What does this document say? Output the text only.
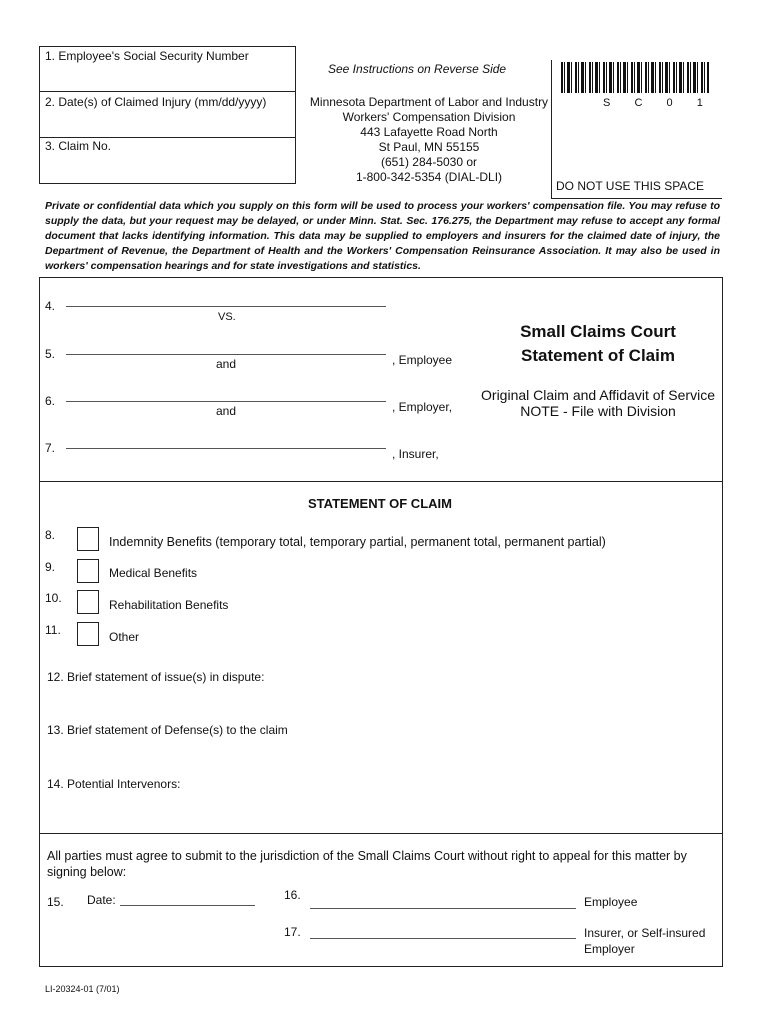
1. Employee's Social Security Number
2. Date(s) of Claimed Injury (mm/dd/yyyy)
3. Claim No.
See Instructions on Reverse Side
Minnesota Department of Labor and Industry
Workers' Compensation Division
443 Lafayette Road North
St Paul, MN 55155
(651) 284-5030 or
1-800-342-5354 (DIAL-DLI)
S  C  0  1
DO NOT USE THIS SPACE
Private or confidential data which you supply on this form will be used to process your workers' compensation file. You may refuse to supply the data, but your request may be delayed, or under Minn. Stat. Sec. 176.275, the Department may refuse to accept any formal document that lacks identifying information. This data may be supplied to employers and insurers for the claimed date of injury, the Department of Revenue, the Department of Health and the Workers' Compensation Reinsurance Association. It may also be used in workers' compensation hearings and for state investigations and statistics.
4.
VS.
5.
and	, Employee
6.
and	, Employer,
7.	, Insurer,
Small Claims Court
Statement of Claim
Original Claim and Affidavit of Service
NOTE - File with Division
STATEMENT OF CLAIM
8.	Indemnity Benefits (temporary total, temporary partial, permanent total, permanent partial)
9.	Medical Benefits
10.	Rehabilitation Benefits
11.	Other
12. Brief statement of issue(s) in dispute:
13. Brief statement of Defense(s) to the claim
14. Potential Intervenors:
All parties must agree to submit to the jurisdiction of the Small Claims Court without right to appeal for this matter by signing below:
15. Date:	16.	Employee
17.	Insurer, or Self-insured
Employer
LI-20324-01 (7/01)
